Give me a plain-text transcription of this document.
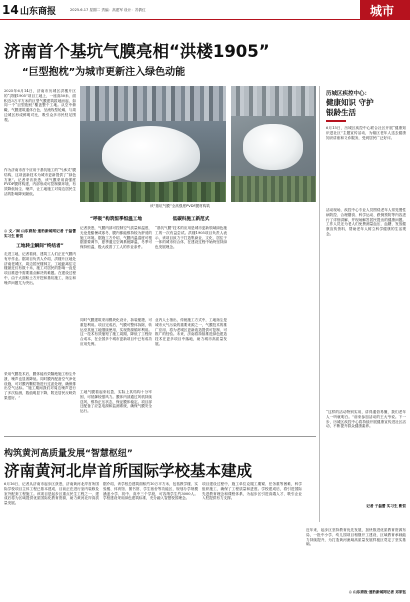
14 山东商报	2025.6.17 星期二 责编：高建军 设计：苏倩红	城市
济南首个基坑气膜亮相“洪楼1905”
“巨型抱枕”为城市更新注入绿色动能
2025年6月14日，济南市历城区洪楼片区的“洪楼1905”项目工地上，一座高50米、面积近3万平方米的巨型气膜建筑拔地而起，如同一个“巨型抱枕”覆盖整个工地。从空中俯瞰，气膜建筑通体白色，呈流线型轮廓，与周边城区形成鲜明对比，吸引众多市民驻足围观。
作为济南市首个应用于基坑施工的“气承式”膜结构，这项创新技术为城市更新提供了“绿色方案”。记者采访获悉，该气膜采用高强度PVDF膜材构建，内部形成可控制微环境，有效降低扬尘、噪声，让工地施工对周边居民生活的影响降到最低。
◎ 文／图 山东商报·速豹新闻网记者 于磊蕾 实习生 靳贺
该“基坑气膜”全高强度PVDF膜材构筑
工地转尘瞬间“终结者”
走进工地，记者看到，建筑工人们正在气膜内有序作业。据项目负责人介绍，洪楼片区地处济南老城区，周边居民楼林立，工地距离住宅楼最近仅有数十米，施工对居民的影响一直是项目推进中需要重点解决的难题。在建设过程中，由于大面积土方开挖和基坑施工，扬尘和噪声问题尤为突出。
采用气膜技术后，膜体能有效隔绝施工粉尘外泄，噪声也显著降低。同时膜内配备空气净化设施，可对膜内颗粒物进行过滤处理，确保排出空气达标。“施工期间我们对周边噪声进行了多次检测，数值明显下降，附近居民反映效果很好。”
“呼吸”构筑恒季恒温工地
记者获悉，气膜内部可控制空气质量和温度，无论是酷暑或寒冬，膜内都能维持较为舒适的施工环境。据施工方介绍，气膜内温湿度可根据需要调节，夏季通过空调系统降温，冬季可保持恒温，极大改善了工人的作业条件。
同时气膜建筑采用模块化设计，拆装便捷，可重复利用。项目完成后，气膜可整体拆除，转运至其他工地继续使用，实现资源循环利用。这一技术有效缩短了施工周期，降低了工程综合成本，在全国多个城市更新项目中已有成功应用先例。
工地气膜看起来轻盈，实际上其结构十分牢固，可抵御较强风力。膜体内部通过风机持续送风，维持正压状态，保证膜体稳定。项目部还配备了应急电源和监测系统，确保气膜安全运行。
低碳科施工新范式
“基坑气膜”技术的应用是城市更新领域绿色施工的一次有益尝试。洪楼1905项目负责人表示，该项目致力于打造集商业、文化、居住于一体的城市综合体，在建设过程中始终坚持绿色发展理念。
业内人士指出，传统施工方式中，工地扬尘是城市大气污染的重要来源之一，气膜技术的推广应用，将为老城区更新改造提供可复制、可推广的经验。未来，济南将持续推进绿色建造技术在更多项目中落地，助力城市高质量发展。
历城区疾控中心：
健康知识 守护银龄生活
6月15日，历城区疾控中心联合社区开展“健康知识进社区”主题宣传活动，为辖区老年人送去健康知识讲座和义诊服务，受到居民广泛好评。
活动现场，疾控中心专业人员围绕老年人常见慢性病防控、合理膳食、科学运动、跌倒预防等内容进行了详细讲解，并现场解答居民提出的健康问题。工作人员还为老人们免费测量血压、血糖，发放健康宣传资料，帮助老年人树立科学健康的生活观念。
“这样的活动特别实用，讲得通俗易懂，我们老年人一听就明白。”前来参加活动的王大爷说。下一步，历城区疾控中心将持续开展健康宣传进社区活动，不断提升群众健康素养。
记者 于磊蕾 实习生 靳贺
构筑黄河高质量发展“智慧枢纽”
济南黄河北岸首所国际学校基本建成
6月16日，记者从济南市起步区获悉，济南黄河北岸首所国际学校项目主体工程已基本建成，目前正在进行室内装修及室外配套工程施工。该项目是起步区重点民生工程之一，建成后将为区域提供优质国际化教育资源，助力黄河北岸高质量发展。
据介绍，该学校总建筑面积约10万平方米，包括教学楼、实验楼、体育馆、图书馆、学生宿舍等功能区，规划办学规模涵盖小学、初中、高中三个学段，可容纳学生约3000人。学校建设采用绿色建筑标准，充分融入智慧校园理念。
项目建设过程中，施工单位克服工期紧、任务重等困难，科学组织施工，确保了工程质量和进度。学校建成后，将引进国际先进教育理念和课程体系，为起步区引进高端人才、吸引企业入驻提供有力支撑。
近年来，起步区坚持教育优先发展，加快推进优质教育资源布局，一批中小学、幼儿园项目相继开工建设，区域教育承载能力持续提升，为打造黄河流域高质量发展样板区奠定了坚实基础。
◎ 山东商报·速豹新闻网记者 邓家钰
